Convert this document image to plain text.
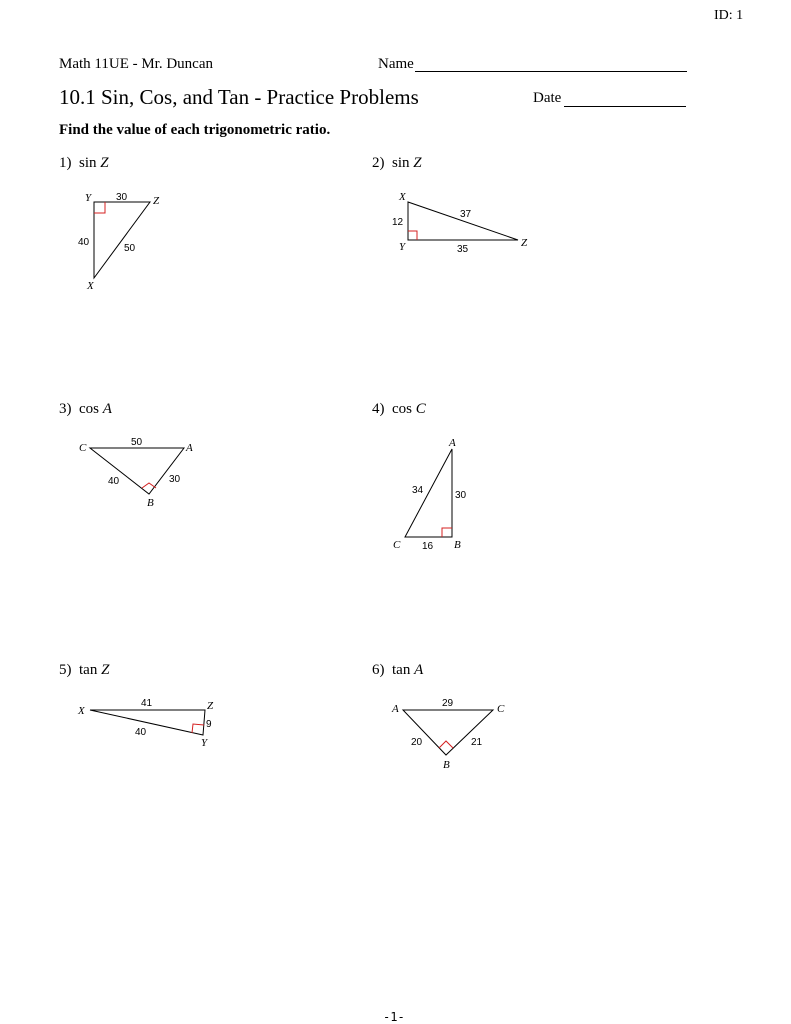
ID: 1
Math 11UE - Mr. Duncan	Name
10.1 Sin, Cos, and Tan - Practice Problems	Date
Find the value of each trigonometric ratio.
1) sin Z
Y	Z
X
30
40
50
2) sin Z
X
Y	Z
12
37
35
3) cos A
C	A
B
50
40	30
4) cos C
A
C	B
34	30
16
5) tan Z
X	Z
Y
41
40
9
6) tan A
A	C
B
29
20	21
-1-
